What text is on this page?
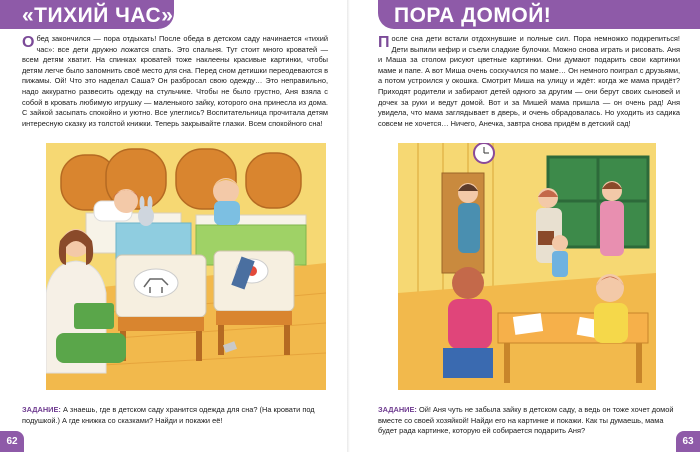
«ТИХИЙ ЧАС»
Обед закончился — пора отдыхать! После обеда в детском саду начинается «тихий час»: все дети дружно ложатся спать. Это спальня. Тут стоит много кроватей — всем детям хватит. На спинках кроватей тоже наклеены красивые картинки, чтобы детям легче было запомнить своё место для сна. Перед сном детишки переодеваются в пижамы. Ой! Что это наделал Саша? Он разбросал свою одежду… Это неправильно, надо аккуратно развесить одежду на стульчике. Чтобы не было грустно, Аня взяла с собой в кровать любимую игрушку — маленького зайку, которого она принесла из дома. С зайкой засыпать спокойно и уютно. Все улеглись? Воспитательница прочитала детям интересную сказку из толстой книжки. Теперь закрывайте глазки. Всем спокойного сна!
ЗАДАНИЕ: А знаешь, где в детском саду хранится одежда для сна? (На кровати под подушкой.) А где книжка со сказками? Найди и покажи её!
62
ПОРА ДОМОЙ!
После сна дети встали отдохнувшие и полные сил. Пора немножко подкрепиться! Дети выпили кефир и съели сладкие булочки. Можно снова играть и рисовать. Аня и Маша за столом рисуют цветные картинки. Они думают подарить свои картинки маме и папе. А вот Миша очень соскучился по маме… Он немного поиграл с друзьями, а потом устроился у окошка. Смотрит Миша на улицу и ждёт: когда же мама придёт? Приходят родители и забирают детей одного за другим — они берут своих сыновей и дочек за руки и ведут домой. Вот и за Мишей мама пришла — он очень рад! Аня увидела, что мама заглядывает в дверь, и очень обрадовалась. Но уходить из садика совсем не хочется… Ничего, Анечка, завтра снова придём в детский сад!
ЗАДАНИЕ: Ой! Аня чуть не забыла зайку в детском саду, а ведь он тоже хочет домой вместе со своей хозяйкой! Найди его на картинке и покажи. Как ты думаешь, мама будет рада картинке, которую ей собирается подарить Аня?
63
